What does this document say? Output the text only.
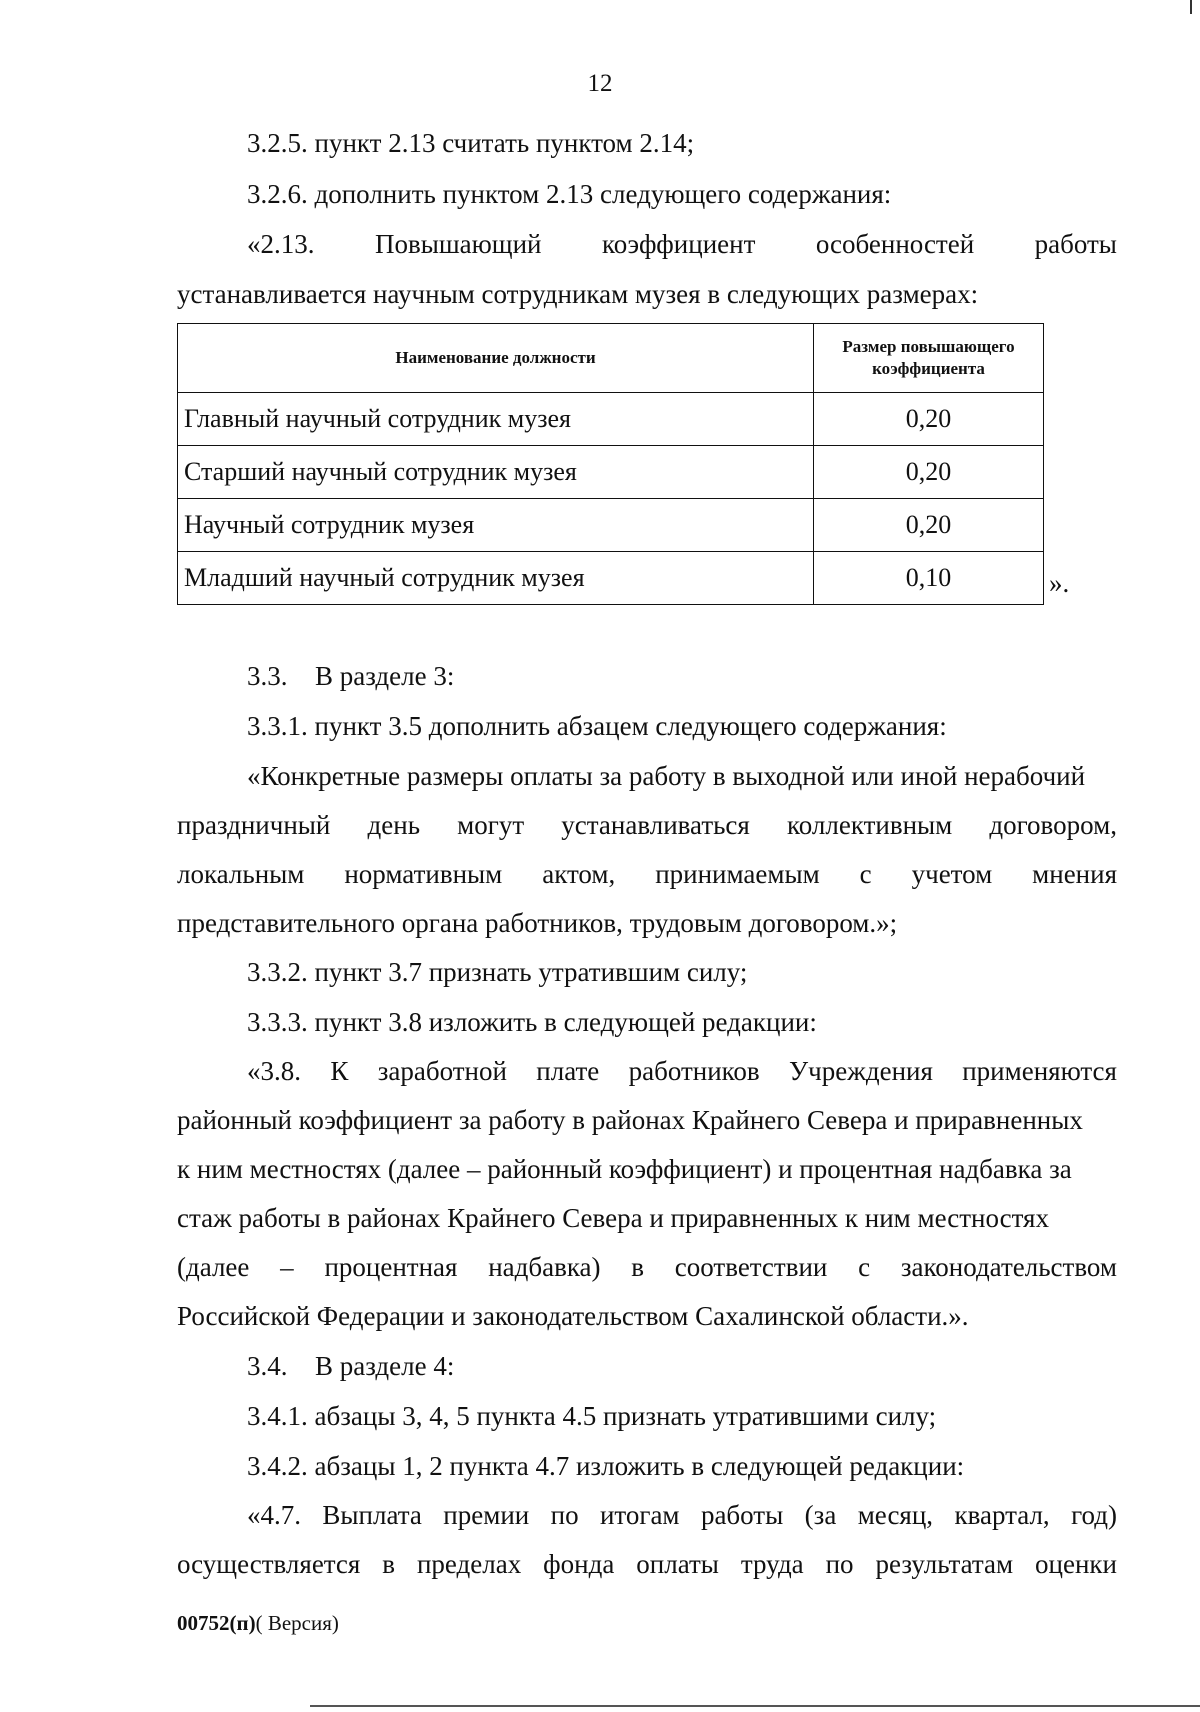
12
3.2.5. пункт 2.13 считать пунктом 2.14;
3.2.6. дополнить пунктом 2.13 следующего содержания:
«2.13. Повышающий коэффициент особенностей работы
устанавливается научным сотрудникам музея в следующих размерах:
Наименование должности	Размер повышающего коэффициента
Главный научный сотрудник музея	0,20
Старший научный сотрудник музея	0,20
Научный сотрудник музея	0,20
Младший научный сотрудник музея	0,10	».
3.3. В разделе 3:
3.3.1. пункт 3.5 дополнить абзацем следующего содержания:
«Конкретные размеры оплаты за работу в выходной или иной нерабочий
праздничный день могут устанавливаться коллективным договором,
локальным нормативным актом, принимаемым с учетом мнения
представительного органа работников, трудовым договором.»;
3.3.2. пункт 3.7 признать утратившим силу;
3.3.3. пункт 3.8 изложить в следующей редакции:
«3.8. К заработной плате работников Учреждения применяются
районный коэффициент за работу в районах Крайнего Севера и приравненных
к ним местностях (далее – районный коэффициент) и процентная надбавка за
стаж работы в районах Крайнего Севера и приравненных к ним местностях
(далее – процентная надбавка) в соответствии с законодательством
Российской Федерации и законодательством Сахалинской области.».
3.4. В разделе 4:
3.4.1. абзацы 3, 4, 5 пункта 4.5 признать утратившими силу;
3.4.2. абзацы 1, 2 пункта 4.7 изложить в следующей редакции:
«4.7. Выплата премии по итогам работы (за месяц, квартал, год)
осуществляется в пределах фонда оплаты труда по результатам оценки
00752(п)( Версия)
